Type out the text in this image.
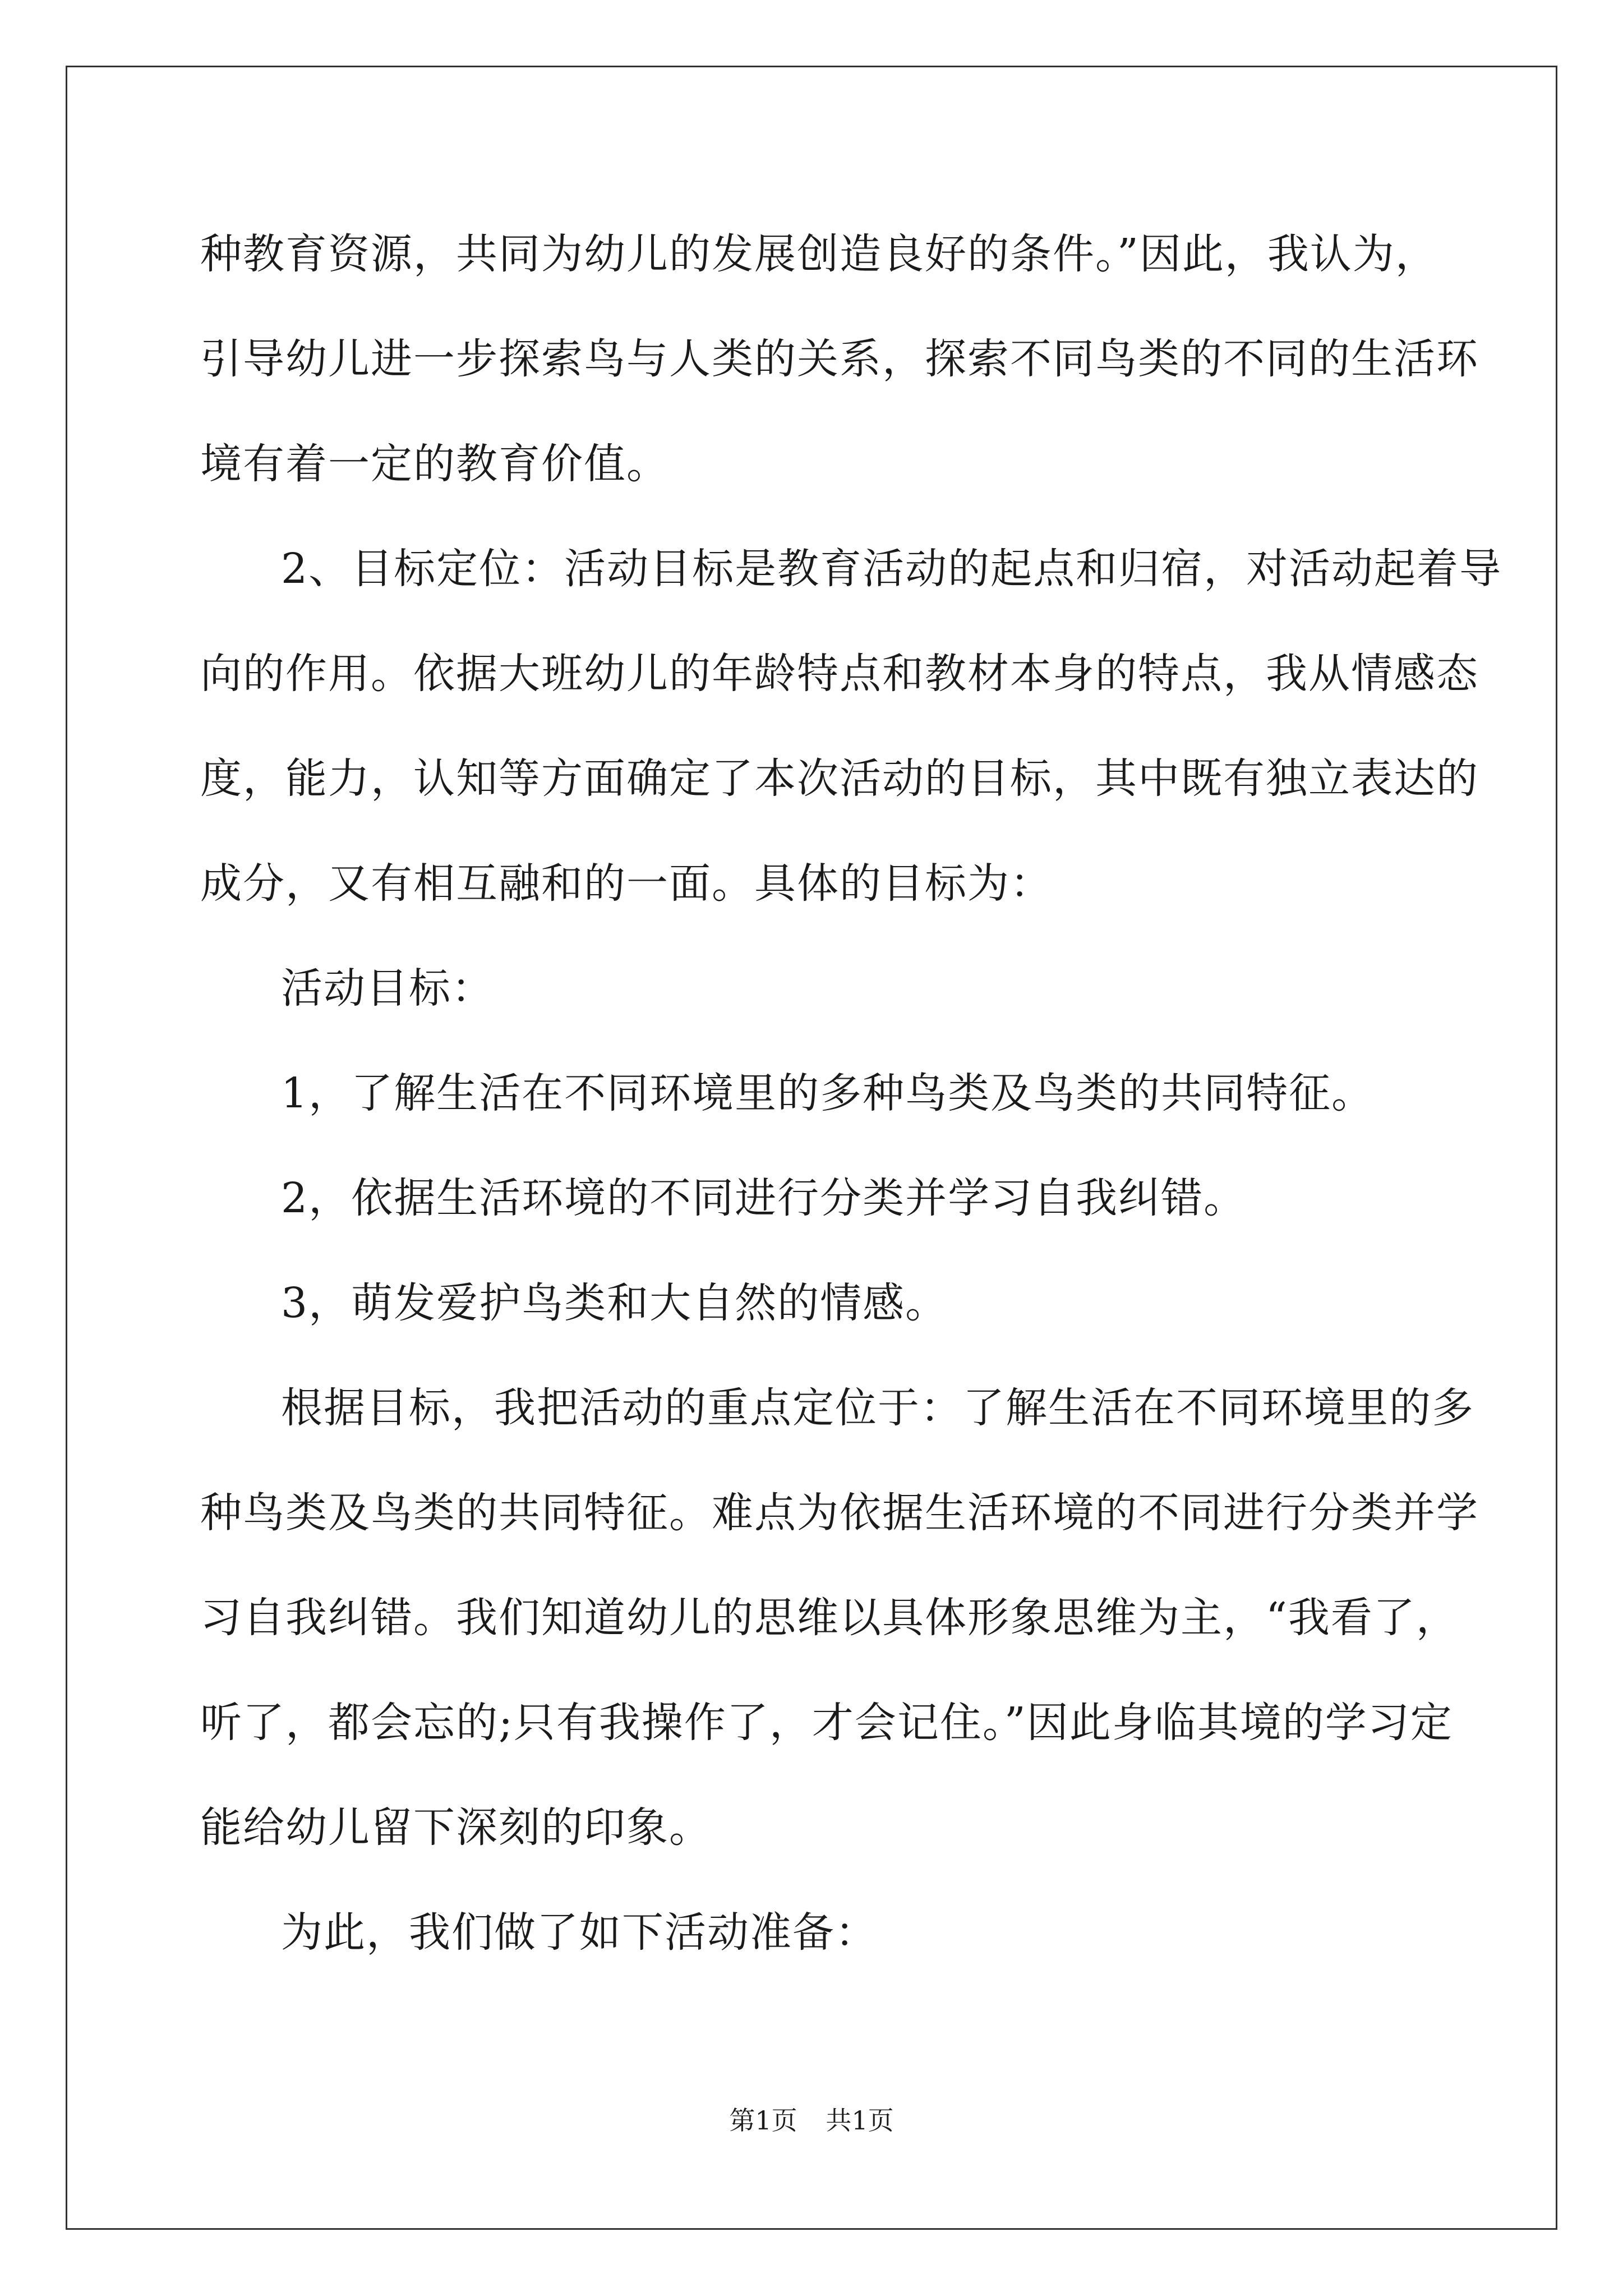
种教育资源，共同为幼儿的发展创造良好的条件。”因此，我认为，
引导幼儿进一步探索鸟与人类的关系，探索不同鸟类的不同的生活环
境有着一定的教育价值。
2、目标定位：活动目标是教育活动的起点和归宿，对活动起着导
向的作用。依据大班幼儿的年龄特点和教材本身的特点，我从情感态
度，能力，认知等方面确定了本次活动的目标，其中既有独立表达的
成分，又有相互融和的一面。具体的目标为：
活动目标：
1，了解生活在不同环境里的多种鸟类及鸟类的共同特征。
2，依据生活环境的不同进行分类并学习自我纠错。
3，萌发爱护鸟类和大自然的情感。
根据目标，我把活动的重点定位于：了解生活在不同环境里的多
种鸟类及鸟类的共同特征。难点为依据生活环境的不同进行分类并学
习自我纠错。我们知道幼儿的思维以具体形象思维为主，“我看了，
听了，都会忘的;只有我操作了，才会记住。”因此身临其境的学习定
能给幼儿留下深刻的印象。
为此，我们做了如下活动准备：
第1页 共1页
